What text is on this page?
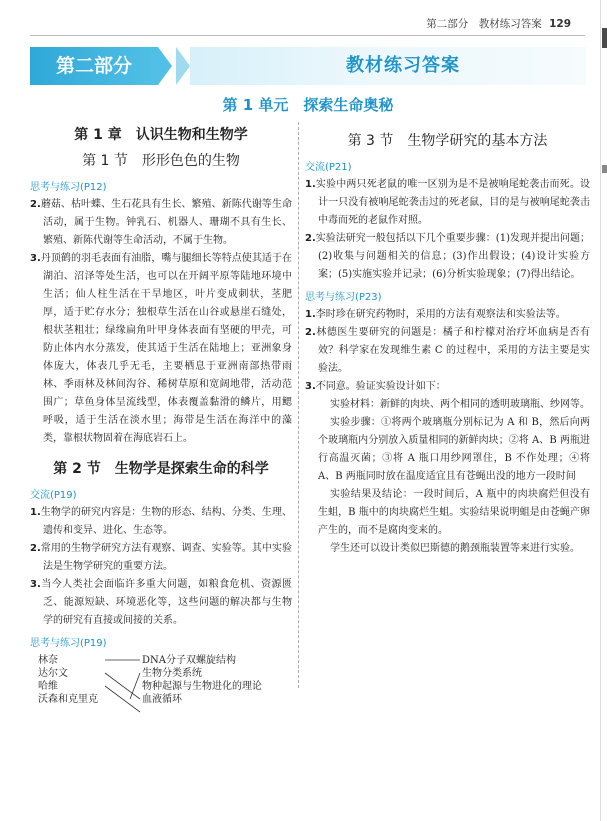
第二部分　教材练习答案 129
第二部分	教材练习答案
第 1 单元　探索生命奥秘
第 1 章　认识生物和生物学
第 1 节　形形色色的生物
思考与练习(P12)

2.蘑菇、枯叶蝶、生石花具有生长、繁殖、新陈代谢等生命活动，属于生物。钟乳石、机器人、珊瑚不具有生长、繁殖、新陈代谢等生命活动，不属于生物。

3.丹顶鹤的羽毛表面有油脂，嘴与腿细长等特点使其适于在湖泊、沼泽等处生活，也可以在开阔平原等陆地环境中生活；仙人柱生活在干旱地区，叶片变成刺状，茎肥厚，适于贮存水分；独根草生活在山谷或悬崖石缝处，根状茎粗壮；绿缘扁角叶甲身体表面有坚硬的甲壳，可防止体内水分蒸发，使其适于生活在陆地上；亚洲象身体庞大，体表几乎无毛，主要栖息于亚洲南部热带雨林、季雨林及林间沟谷、稀树草原和宽阔地带，活动范围广；草鱼身体呈流线型，体表覆盖黏滑的鳞片，用鳃呼吸，适于生活在淡水里；海带是生活在海洋中的藻类，靠根状物固着在海底岩石上。

第 2 节　生物学是探索生命的科学
交流(P19)

1.生物学的研究内容是：生物的形态、结构、分类、生理、遗传和变异、进化、生态等。

2.常用的生物学研究方法有观察、调查、实验等。其中实验法是生物学研究的重要方法。

3.当今人类社会面临许多重大问题，如粮食危机、资源匮乏、能源短缺、环境恶化等，这些问题的解决都与生物学的研究有直接或间接的关系。

思考与练习(P19)
林奈
达尔文
哈维
沃森和克里克
DNA分子双螺旋结构
生物分类系统
物种起源与生物进化的理论
血液循环
第 3 节　生物学研究的基本方法
交流(P21)

1.实验中两只死老鼠的唯一区别为是不是被响尾蛇袭击而死。设计一只没有被响尾蛇袭击过的死老鼠，目的是与被响尾蛇袭击中毒而死的老鼠作对照。

2.实验法研究一般包括以下几个重要步骤：(1)发现并提出问题；(2)收集与问题相关的信息；(3)作出假设；(4)设计实验方案；(5)实施实验并记录；(6)分析实验现象；(7)得出结论。

思考与练习(P23)

1.李时珍在研究药物时，采用的方法有观察法和实验法等。

2.林德医生要研究的问题是：橘子和柠檬对治疗坏血病是否有效？科学家在发现维生素 C 的过程中，采用的方法主要是实验法。

3.不同意。验证实验设计如下：

实验材料：新鲜的肉块、两个相同的透明玻璃瓶、纱网等。

实验步骤：①将两个玻璃瓶分别标记为 A 和 B，然后向两个玻璃瓶内分别放入质量相同的新鲜肉块；②将 A、B 两瓶进行高温灭菌；③将 A 瓶口用纱网罩住，B 不作处理；④将 A、B 两瓶同时放在温度适宜且有苍蝇出没的地方一段时间

实验结果及结论：一段时间后，A 瓶中的肉块腐烂但没有生蛆，B 瓶中的肉块腐烂生蛆。实验结果说明蛆是由苍蝇产卵产生的，而不是腐肉变来的。

学生还可以设计类似巴斯德的鹅颈瓶装置等来进行实验。
